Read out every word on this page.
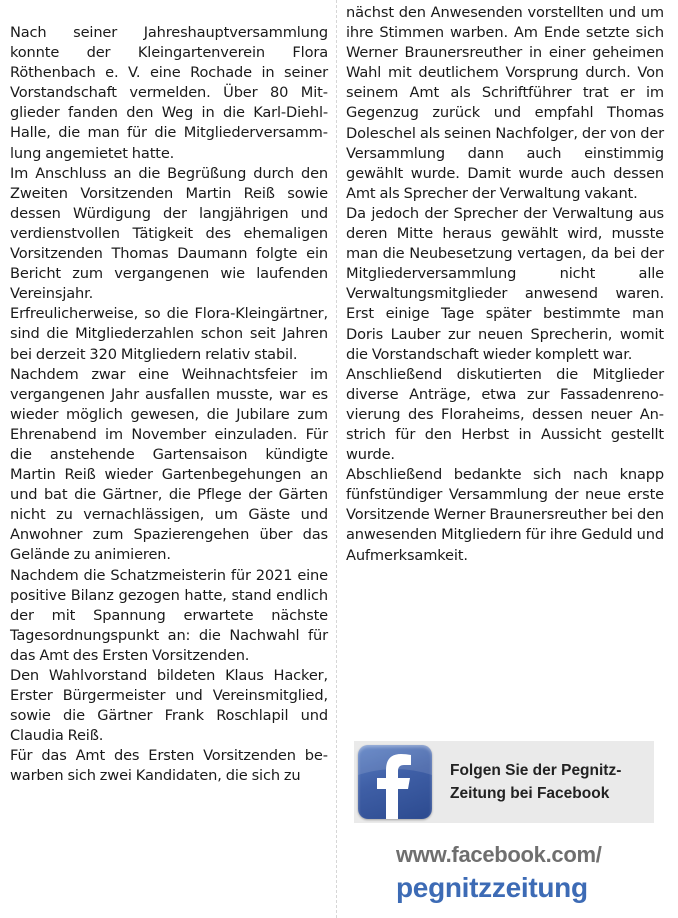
Nach seiner Jahreshauptversammlung konnte der Kleingartenverein Flora Röthenbach e. V. eine Rochade in seiner Vorstandschaft vermelden. Über 80 Mitglieder fanden den Weg in die Karl-Diehl-Halle, die man für die Mitgliederversammlung angemietet hatte.

Im Anschluss an die Begrüßung durch den Zweiten Vorsitzenden Martin Reiß sowie dessen Würdigung der langjährigen und verdienstvollen Tätigkeit des ehemaligen Vorsitzenden Thomas Daumann folgte ein Bericht zum vergangenen wie laufenden Vereinsjahr.

Erfreulicherweise, so die Flora-Kleingärtner, sind die Mitgliederzahlen schon seit Jahren bei derzeit 320 Mitgliedern relativ stabil.

Nachdem zwar eine Weihnachtsfeier im vergangenen Jahr ausfallen musste, war es wieder möglich gewesen, die Jubilare zum Ehrenabend im November einzuladen. Für die anstehende Gartensaison kündigte Martin Reiß wieder Gartenbegehungen an und bat die Gärtner, die Pflege der Gärten nicht zu vernachlässigen, um Gäste und Anwohner zum Spazierengehen über das Gelände zu animieren.

Nachdem die Schatzmeisterin für 2021 eine positive Bilanz gezogen hatte, stand endlich der mit Spannung erwartete nächste Tagesordnungspunkt an: die Nachwahl für das Amt des Ersten Vorsitzenden.

Den Wahlvorstand bildeten Klaus Hacker, Erster Bürgermeister und Vereinsmitglied, sowie die Gärtner Frank Roschlapil und Claudia Reiß.

Für das Amt des Ersten Vorsitzenden bewarben sich zwei Kandidaten, die sich zu

nächst den Anwesenden vorstellten und um ihre Stimmen warben. Am Ende setzte sich Werner Braunersreuther in einer geheimen Wahl mit deutlichem Vorsprung durch. Von seinem Amt als Schriftführer trat er im Gegenzug zurück und empfahl Thomas Doleschel als seinen Nachfolger, der von der Versammlung dann auch einstimmig gewählt wurde. Damit wurde auch dessen Amt als Sprecher der Verwaltung vakant.

Da jedoch der Sprecher der Verwaltung aus deren Mitte heraus gewählt wird, musste man die Neubesetzung vertagen, da bei der Mitgliederversammlung nicht alle Verwaltungsmitglieder anwesend waren. Erst einige Tage später bestimmte man Doris Lauber zur neuen Sprecherin, womit die Vorstandschaft wieder komplett war.

Anschließend diskutierten die Mitglieder diverse Anträge, etwa zur Fassadenrenovierung des Floraheims, dessen neuer Anstrich für den Herbst in Aussicht gestellt wurde.

Abschließend bedankte sich nach knapp fünfstündiger Versammlung der neue erste Vorsitzende Werner Braunersreuther bei den anwesenden Mitgliedern für ihre Geduld und Aufmerksamkeit.

Folgen Sie der Pegnitz-
Zeitung bei Facebook
www.facebook.com/
pegnitzzeitung
